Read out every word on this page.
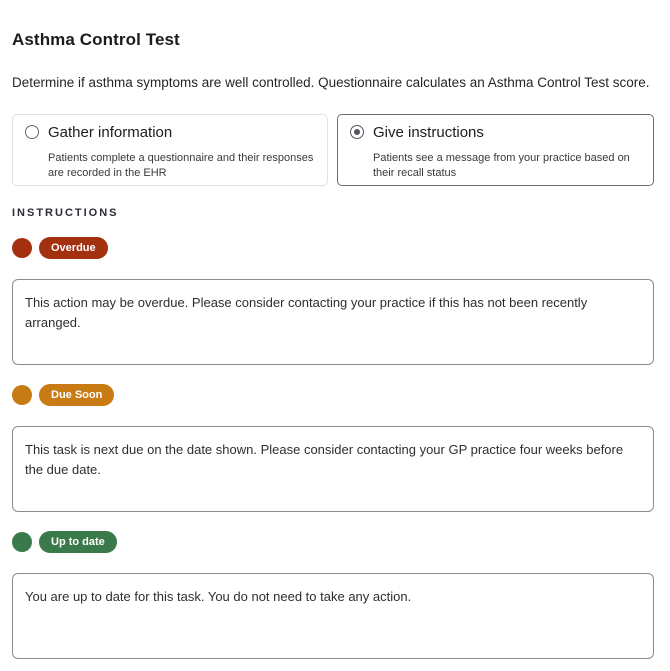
Asthma Control Test
Determine if asthma symptoms are well controlled. Questionnaire calculates an Asthma Control Test score.
Gather information
Patients complete a questionnaire and their responses are recorded in the EHR
Give instructions
Patients see a message from your practice based on their recall status
INSTRUCTIONS
Overdue
This action may be overdue. Please consider contacting your practice if this has not been recently arranged.
Due Soon
This task is next due on the date shown. Please consider contacting your GP practice four weeks before the due date.
Up to date
You are up to date for this task. You do not need to take any action.
